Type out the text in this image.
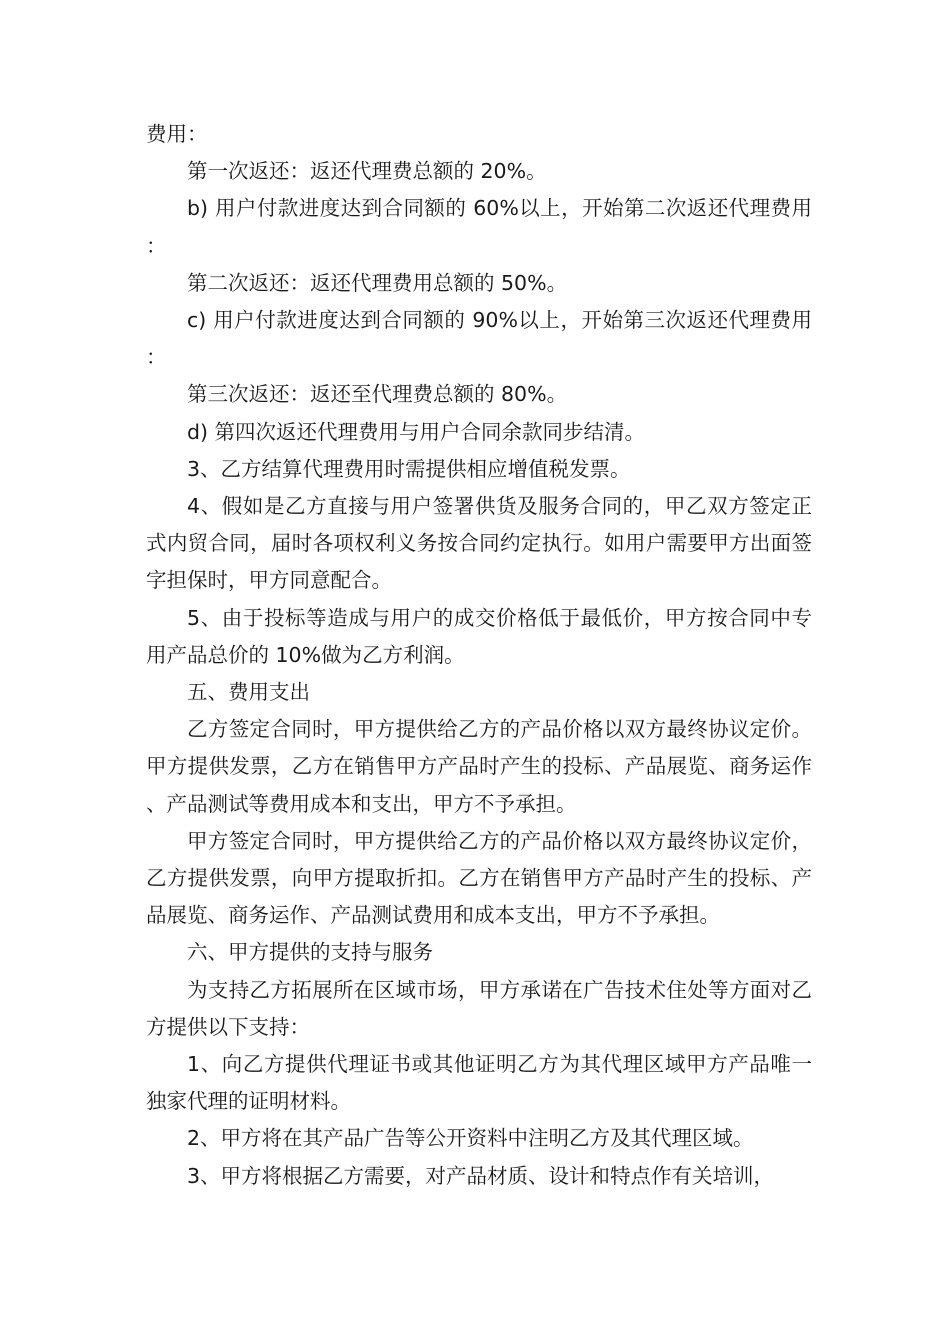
费用：

第一次返还：返还代理费总额的 20%。

b) 用户付款进度达到合同额的 60%以上，开始第二次返还代理费用：

第二次返还：返还代理费用总额的 50%。

c) 用户付款进度达到合同额的 90%以上，开始第三次返还代理费用：

第三次返还：返还至代理费总额的 80%。

d) 第四次返还代理费用与用户合同余款同步结清。

3、乙方结算代理费用时需提供相应增值税发票。

4、假如是乙方直接与用户签署供货及服务合同的，甲乙双方签定正式内贸合同，届时各项权利义务按合同约定执行。如用户需要甲方出面签字担保时，甲方同意配合。

5、由于投标等造成与用户的成交价格低于最低价，甲方按合同中专用产品总价的 10%做为乙方利润。

五、费用支出

乙方签定合同时，甲方提供给乙方的产品价格以双方最终协议定价。甲方提供发票，乙方在销售甲方产品时产生的投标、产品展览、商务运作、产品测试等费用成本和支出，甲方不予承担。

甲方签定合同时，甲方提供给乙方的产品价格以双方最终协议定价，乙方提供发票，向甲方提取折扣。乙方在销售甲方产品时产生的投标、产品展览、商务运作、产品测试费用和成本支出，甲方不予承担。

六、甲方提供的支持与服务

为支持乙方拓展所在区域市场，甲方承诺在广告技术住处等方面对乙方提供以下支持：

1、向乙方提供代理证书或其他证明乙方为其代理区域甲方产品唯一独家代理的证明材料。

2、甲方将在其产品广告等公开资料中注明乙方及其代理区域。

3、甲方将根据乙方需要，对产品材质、设计和特点作有关培训，
